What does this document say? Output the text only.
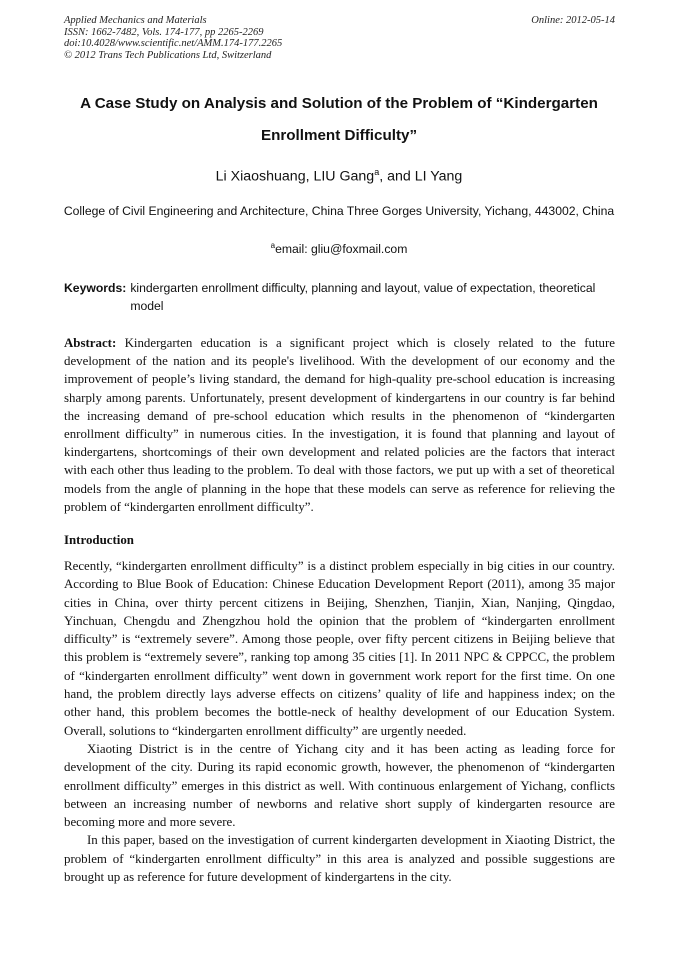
Applied Mechanics and Materials
ISSN: 1662-7482, Vols. 174-177, pp 2265-2269
doi:10.4028/www.scientific.net/AMM.174-177.2265
© 2012 Trans Tech Publications Ltd, Switzerland
Online: 2012-05-14
A Case Study on Analysis and Solution of the Problem of “Kindergarten Enrollment Difficulty”
Li Xiaoshuang, LIU Gang$^a$, and LI Yang
College of Civil Engineering and Architecture, China Three Gorges University, Yichang, 443002, China
$^a$email: gliu@foxmail.com
Keywords: kindergarten enrollment difficulty, planning and layout, value of expectation, theoretical model

Abstract: Kindergarten education is a significant project which is closely related to the future development of the nation and its people's livelihood. With the development of our economy and the improvement of people’s living standard, the demand for high-quality pre-school education is increasing sharply among parents. Unfortunately, present development of kindergartens in our country is far behind the increasing demand of pre-school education which results in the phenomenon of “kindergarten enrollment difficulty” in numerous cities. In the investigation, it is found that planning and layout of kindergartens, shortcomings of their own development and related policies are the factors that interact with each other thus leading to the problem. To deal with those factors, we put up with a set of theoretical models from the angle of planning in the hope that these models can serve as reference for relieving the problem of “kindergarten enrollment difficulty”.

Introduction

Recently, “kindergarten enrollment difficulty” is a distinct problem especially in big cities in our country. According to Blue Book of Education: Chinese Education Development Report (2011), among 35 major cities in China, over thirty percent citizens in Beijing, Shenzhen, Tianjin, Xian, Nanjing, Qingdao, Yinchuan, Chengdu and Zhengzhou hold the opinion that the problem of “kindergarten enrollment difficulty” is “extremely severe”. Among those people, over fifty percent citizens in Beijing believe that this problem is “extremely severe”, ranking top among 35 cities [1]. In 2011 NPC & CPPCC, the problem of “kindergarten enrollment difficulty” went down in government work report for the first time. On one hand, the problem directly lays adverse effects on citizens’ quality of life and happiness index; on the other hand, this problem becomes the bottle-neck of healthy development of our Education System. Overall, solutions to “kindergarten enrollment difficulty” are urgently needed.

Xiaoting District is in the centre of Yichang city and it has been acting as leading force for development of the city. During its rapid economic growth, however, the phenomenon of “kindergarten enrollment difficulty” emerges in this district as well. With continuous enlargement of Yichang, conflicts between an increasing number of newborns and relative short supply of kindergarten resource are becoming more and more severe.

In this paper, based on the investigation of current kindergarten development in Xiaoting District, the problem of “kindergarten enrollment difficulty” in this area is analyzed and possible suggestions are brought up as reference for future development of kindergartens in the city.
